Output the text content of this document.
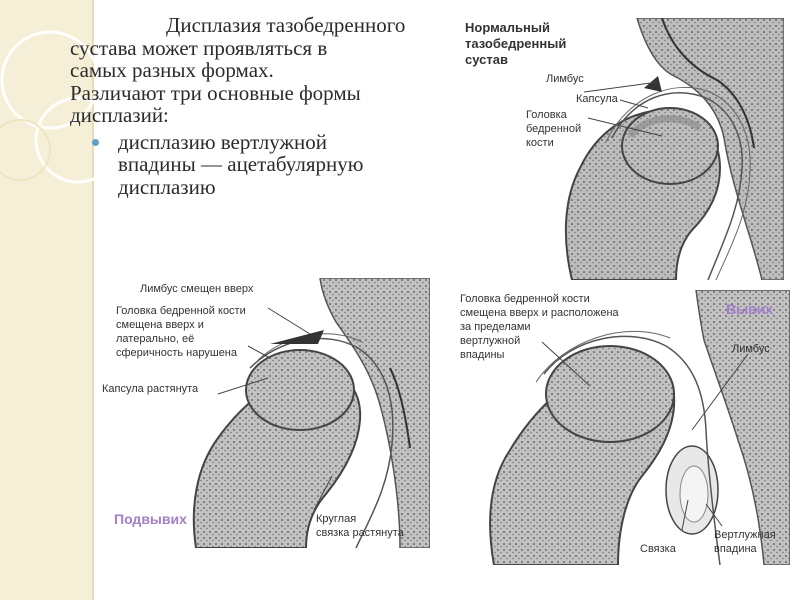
Дисплазия тазобедренного
сустава может проявляться в
самых разных формах.
Различают три основные формы
дисплазий:

дисплазию вертлужной
впадины — ацетабулярную
дисплазию
Нормальный
тазобедренный
сустав
Лимбус
Капсула
Головка
бедренной
кости
Лимбус смещен вверх
Головка бедренной кости
смещена вверх и
латерально, её
сферичность нарушена
Капсула растянута
Круглая
связка растянута
Подвывих
Головка бедренной кости
смещена вверх и расположена
за пределами
вертлужной
впадины
Вывих
Лимбус
Связка
Вертлужная
впадина
